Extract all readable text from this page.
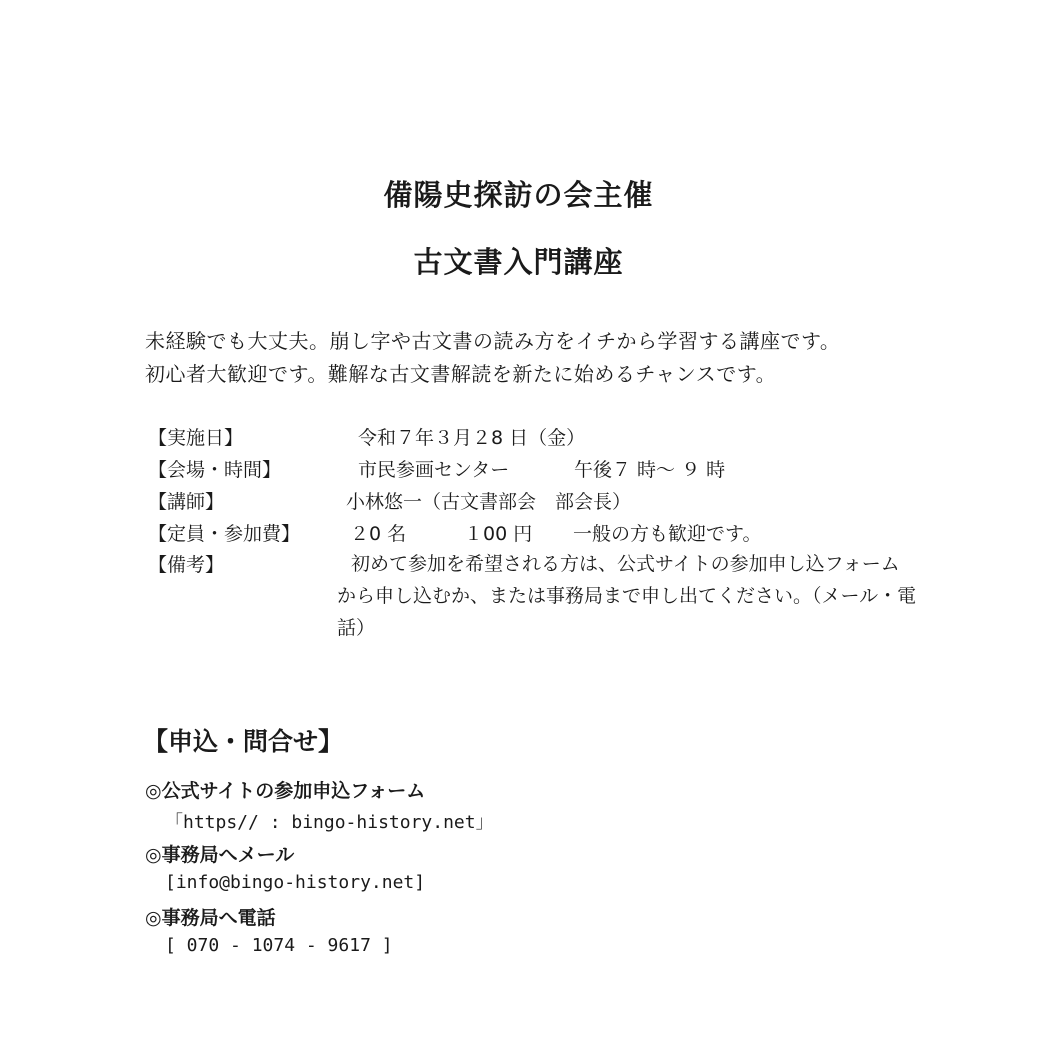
備陽史探訪の会主催
古文書入門講座
未経験でも大丈夫。崩し字や古文書の読み方をイチから学習する講座です。
初心者大歓迎です。難解な古文書解読を新たに始めるチャンスです。
【実施日】	令和７年３月２8 日（金）
【会場・時間】	市民参画センター	午後７ 時～ ９ 時
【講師】	小林悠一（古文書部会　部会長）
【定員・参加費】	２0 名	１00 円 一般の方も歓迎です。
【備考】	初めて参加を希望される方は、公式サイトの参加申し込フォームから申し込むか、または事務局まで申し出てください。（メール・電話）
【申込・問合せ】
◎公式サイトの参加申込フォーム
「https// : bingo-history.net」
◎事務局へメール
[info@bingo-history.net]
◎事務局へ電話
[ 070 - 1074 - 9617 ]
